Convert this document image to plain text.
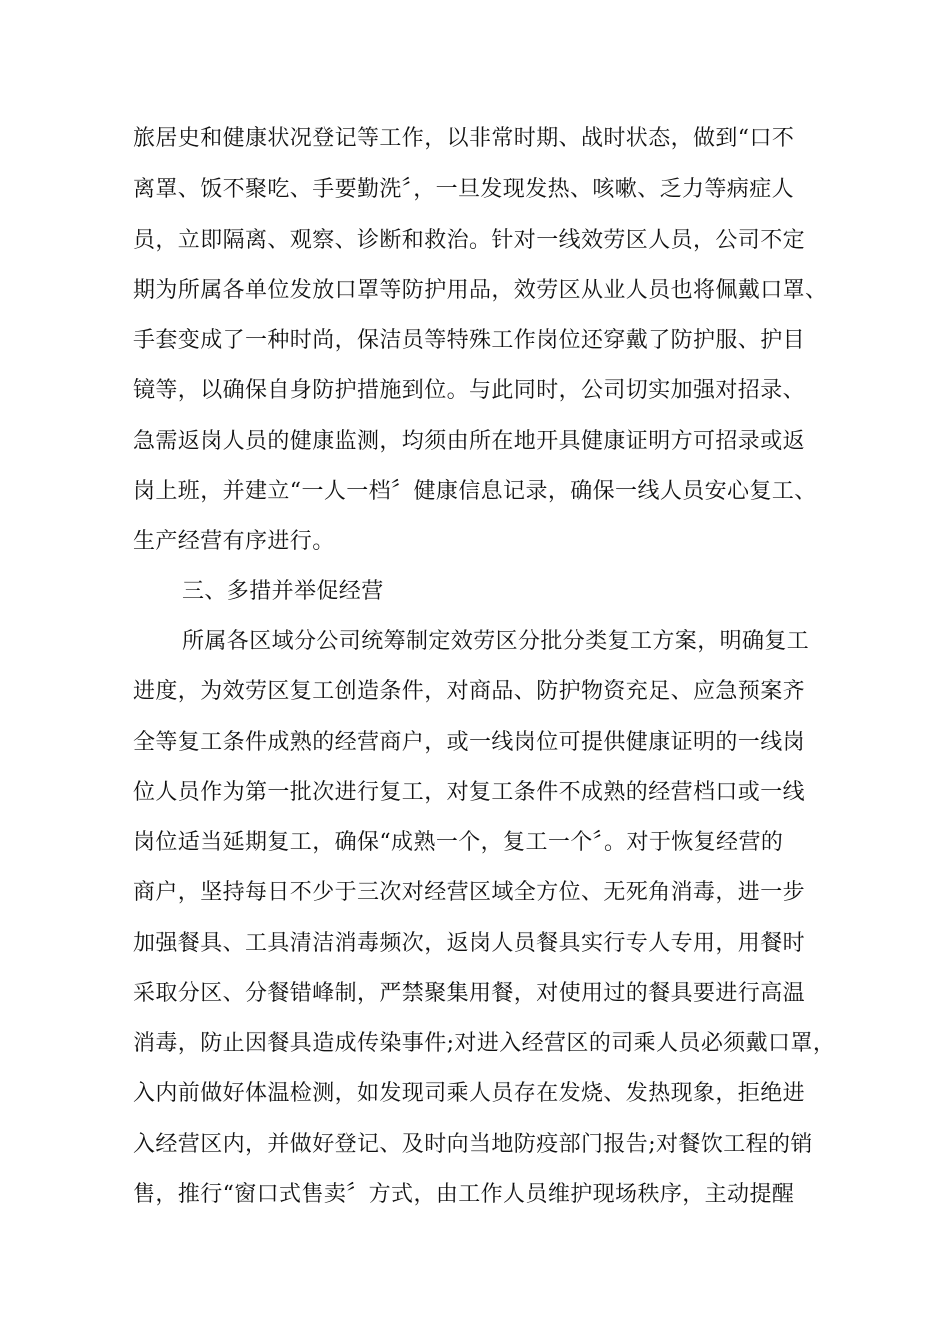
旅居史和健康状况登记等工作，以非常时期、战时状态，做到“口不
离罩、饭不聚吃、手要勤洗〞，一旦发现发热、咳嗽、乏力等病症人
员，立即隔离、观察、诊断和救治。针对一线效劳区人员，公司不定
期为所属各单位发放口罩等防护用品，效劳区从业人员也将佩戴口罩、
手套变成了一种时尚，保洁员等特殊工作岗位还穿戴了防护服、护目
镜等，以确保自身防护措施到位。与此同时，公司切实加强对招录、
急需返岗人员的健康监测，均须由所在地开具健康证明方可招录或返
岗上班，并建立“一人一档〞健康信息记录，确保一线人员安心复工、
生产经营有序进行。
三、多措并举促经营
所属各区域分公司统筹制定效劳区分批分类复工方案，明确复工
进度，为效劳区复工创造条件，对商品、防护物资充足、应急预案齐
全等复工条件成熟的经营商户，或一线岗位可提供健康证明的一线岗
位人员作为第一批次进行复工，对复工条件不成熟的经营档口或一线
岗位适当延期复工，确保“成熟一个，复工一个〞。对于恢复经营的
商户，坚持每日不少于三次对经营区域全方位、无死角消毒，进一步
加强餐具、工具清洁消毒频次，返岗人员餐具实行专人专用，用餐时
采取分区、分餐错峰制，严禁聚集用餐，对使用过的餐具要进行高温
消毒，防止因餐具造成传染事件;对进入经营区的司乘人员必须戴口罩，
入内前做好体温检测，如发现司乘人员存在发烧、发热现象，拒绝进
入经营区内，并做好登记、及时向当地防疫部门报告;对餐饮工程的销
售，推行“窗口式售卖〞方式，由工作人员维护现场秩序，主动提醒
